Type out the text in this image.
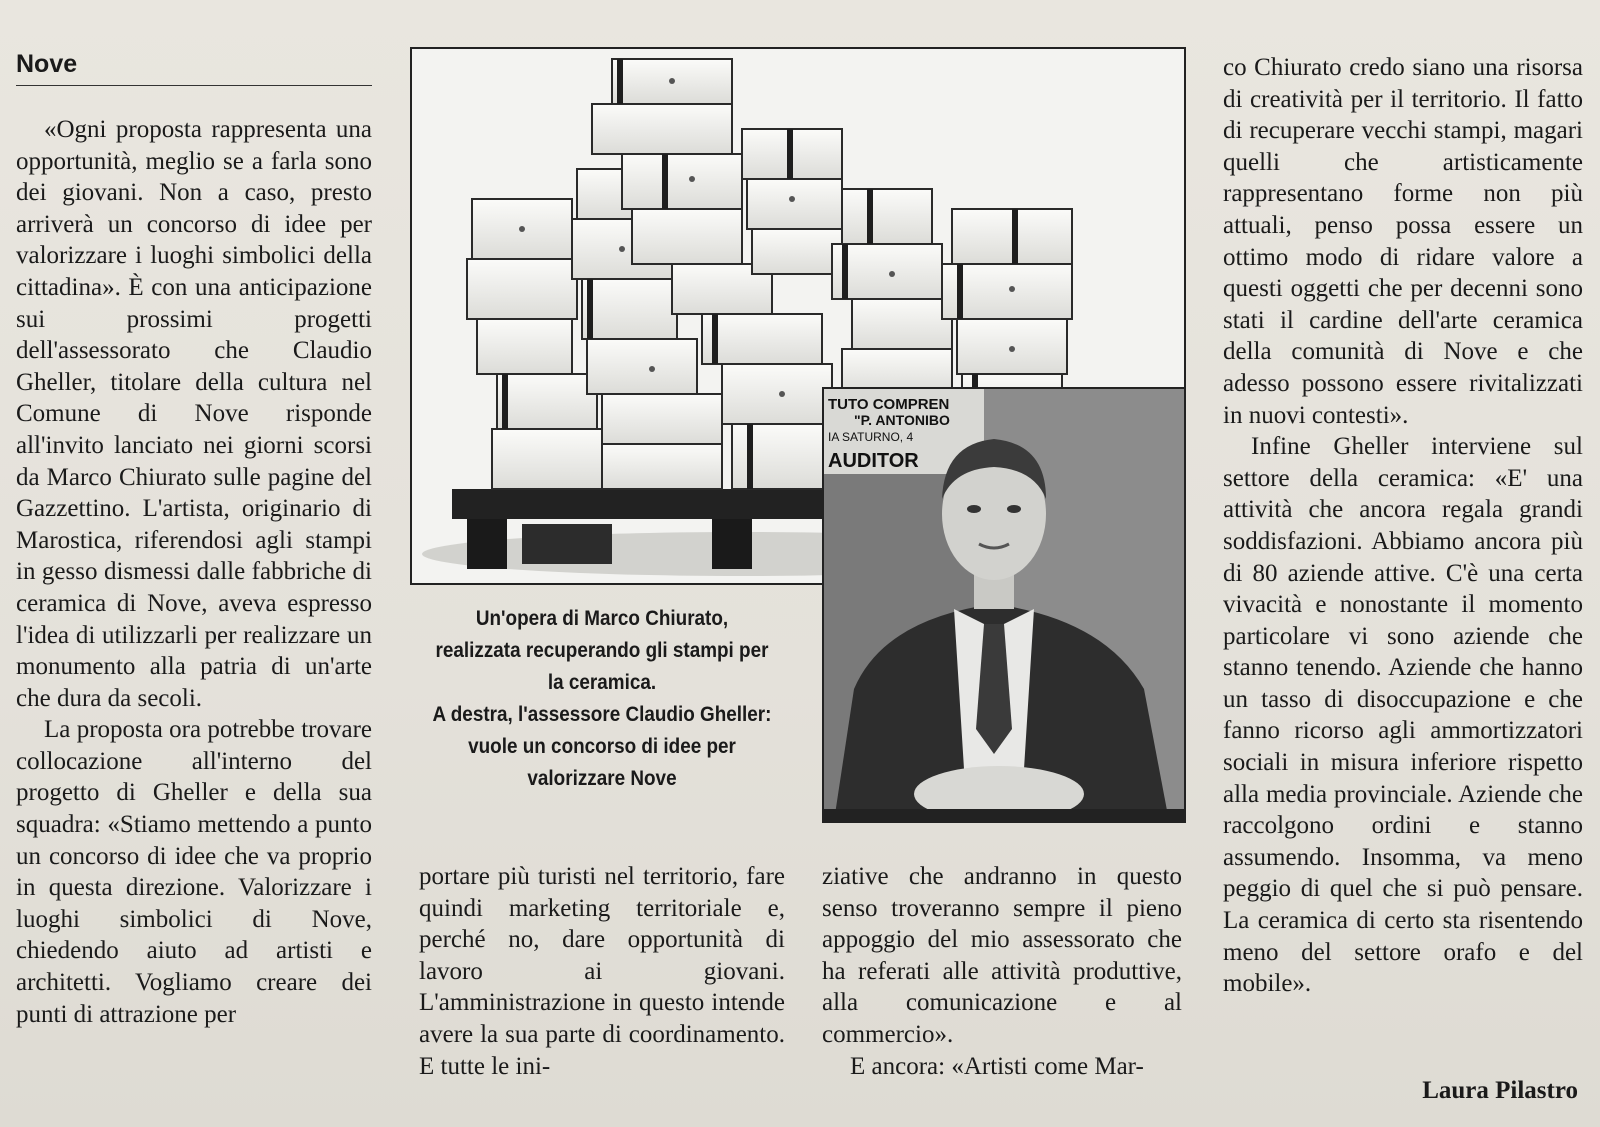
Nove

«Ogni proposta rappresenta una opportunità, meglio se a farla sono dei giovani. Non a caso, presto arriverà un concorso di idee per valorizzare i luoghi simbolici della cittadina». È con una anticipazione sui prossimi progetti dell'assessorato che Claudio Gheller, titolare della cultura nel Comune di Nove risponde all'invito lanciato nei giorni scorsi da Marco Chiurato sulle pagine del Gazzettino. L'artista, originario di Marostica, riferendosi agli stampi in gesso dismessi dalle fabbriche di ceramica di Nove, aveva espresso l'idea di utilizzarli per realizzare un monumento alla patria di un'arte che dura da secoli.

La proposta ora potrebbe trovare collocazione all'interno del progetto di Gheller e della sua squadra: «Stiamo mettendo a punto un concorso di idee che va proprio in questa direzione. Valorizzare i luoghi simbolici di Nove, chiedendo aiuto ad artisti e architetti. Vogliamo creare dei punti di attrazione per

TUTO COMPREN
"P. ANTONIBO
IA SATURNO, 4
AUDITOR

Un'opera di Marco Chiurato, realizzata recuperando gli stampi per la ceramica.

A destra, l'assessore Claudio Gheller: vuole un concorso di idee per valorizzare Nove

portare più turisti nel territorio, fare quindi marketing territoriale e, perché no, dare opportunità di lavoro ai giovani. L'amministrazione in questo intende avere la sua parte di coordinamento. E tutte le ini-

ziative che andranno in questo senso troveranno sempre il pieno appoggio del mio assessorato che ha referati alle attività produttive, alla comunicazione e al commercio».

E ancora: «Artisti come Mar-

co Chiurato credo siano una risorsa di creatività per il territorio. Il fatto di recuperare vecchi stampi, magari quelli che artisticamente rappresentano forme non più attuali, penso possa essere un ottimo modo di ridare valore a questi oggetti che per decenni sono stati il cardine dell'arte ceramica della comunità di Nove e che adesso possono essere rivitalizzati in nuovi contesti».

Infine Gheller interviene sul settore della ceramica: «E' una attività che ancora regala grandi soddisfazioni. Abbiamo ancora più di 80 aziende attive. C'è una certa vivacità e nonostante il momento particolare vi sono aziende che stanno tenendo. Aziende che hanno un tasso di disoccupazione e che fanno ricorso agli ammortizzatori sociali in misura inferiore rispetto alla media provinciale. Aziende che raccolgono ordini e stanno assumendo. Insomma, va meno peggio di quel che si può pensare. La ceramica di certo sta risentendo meno del settore orafo e del mobile».

Laura Pilastro
